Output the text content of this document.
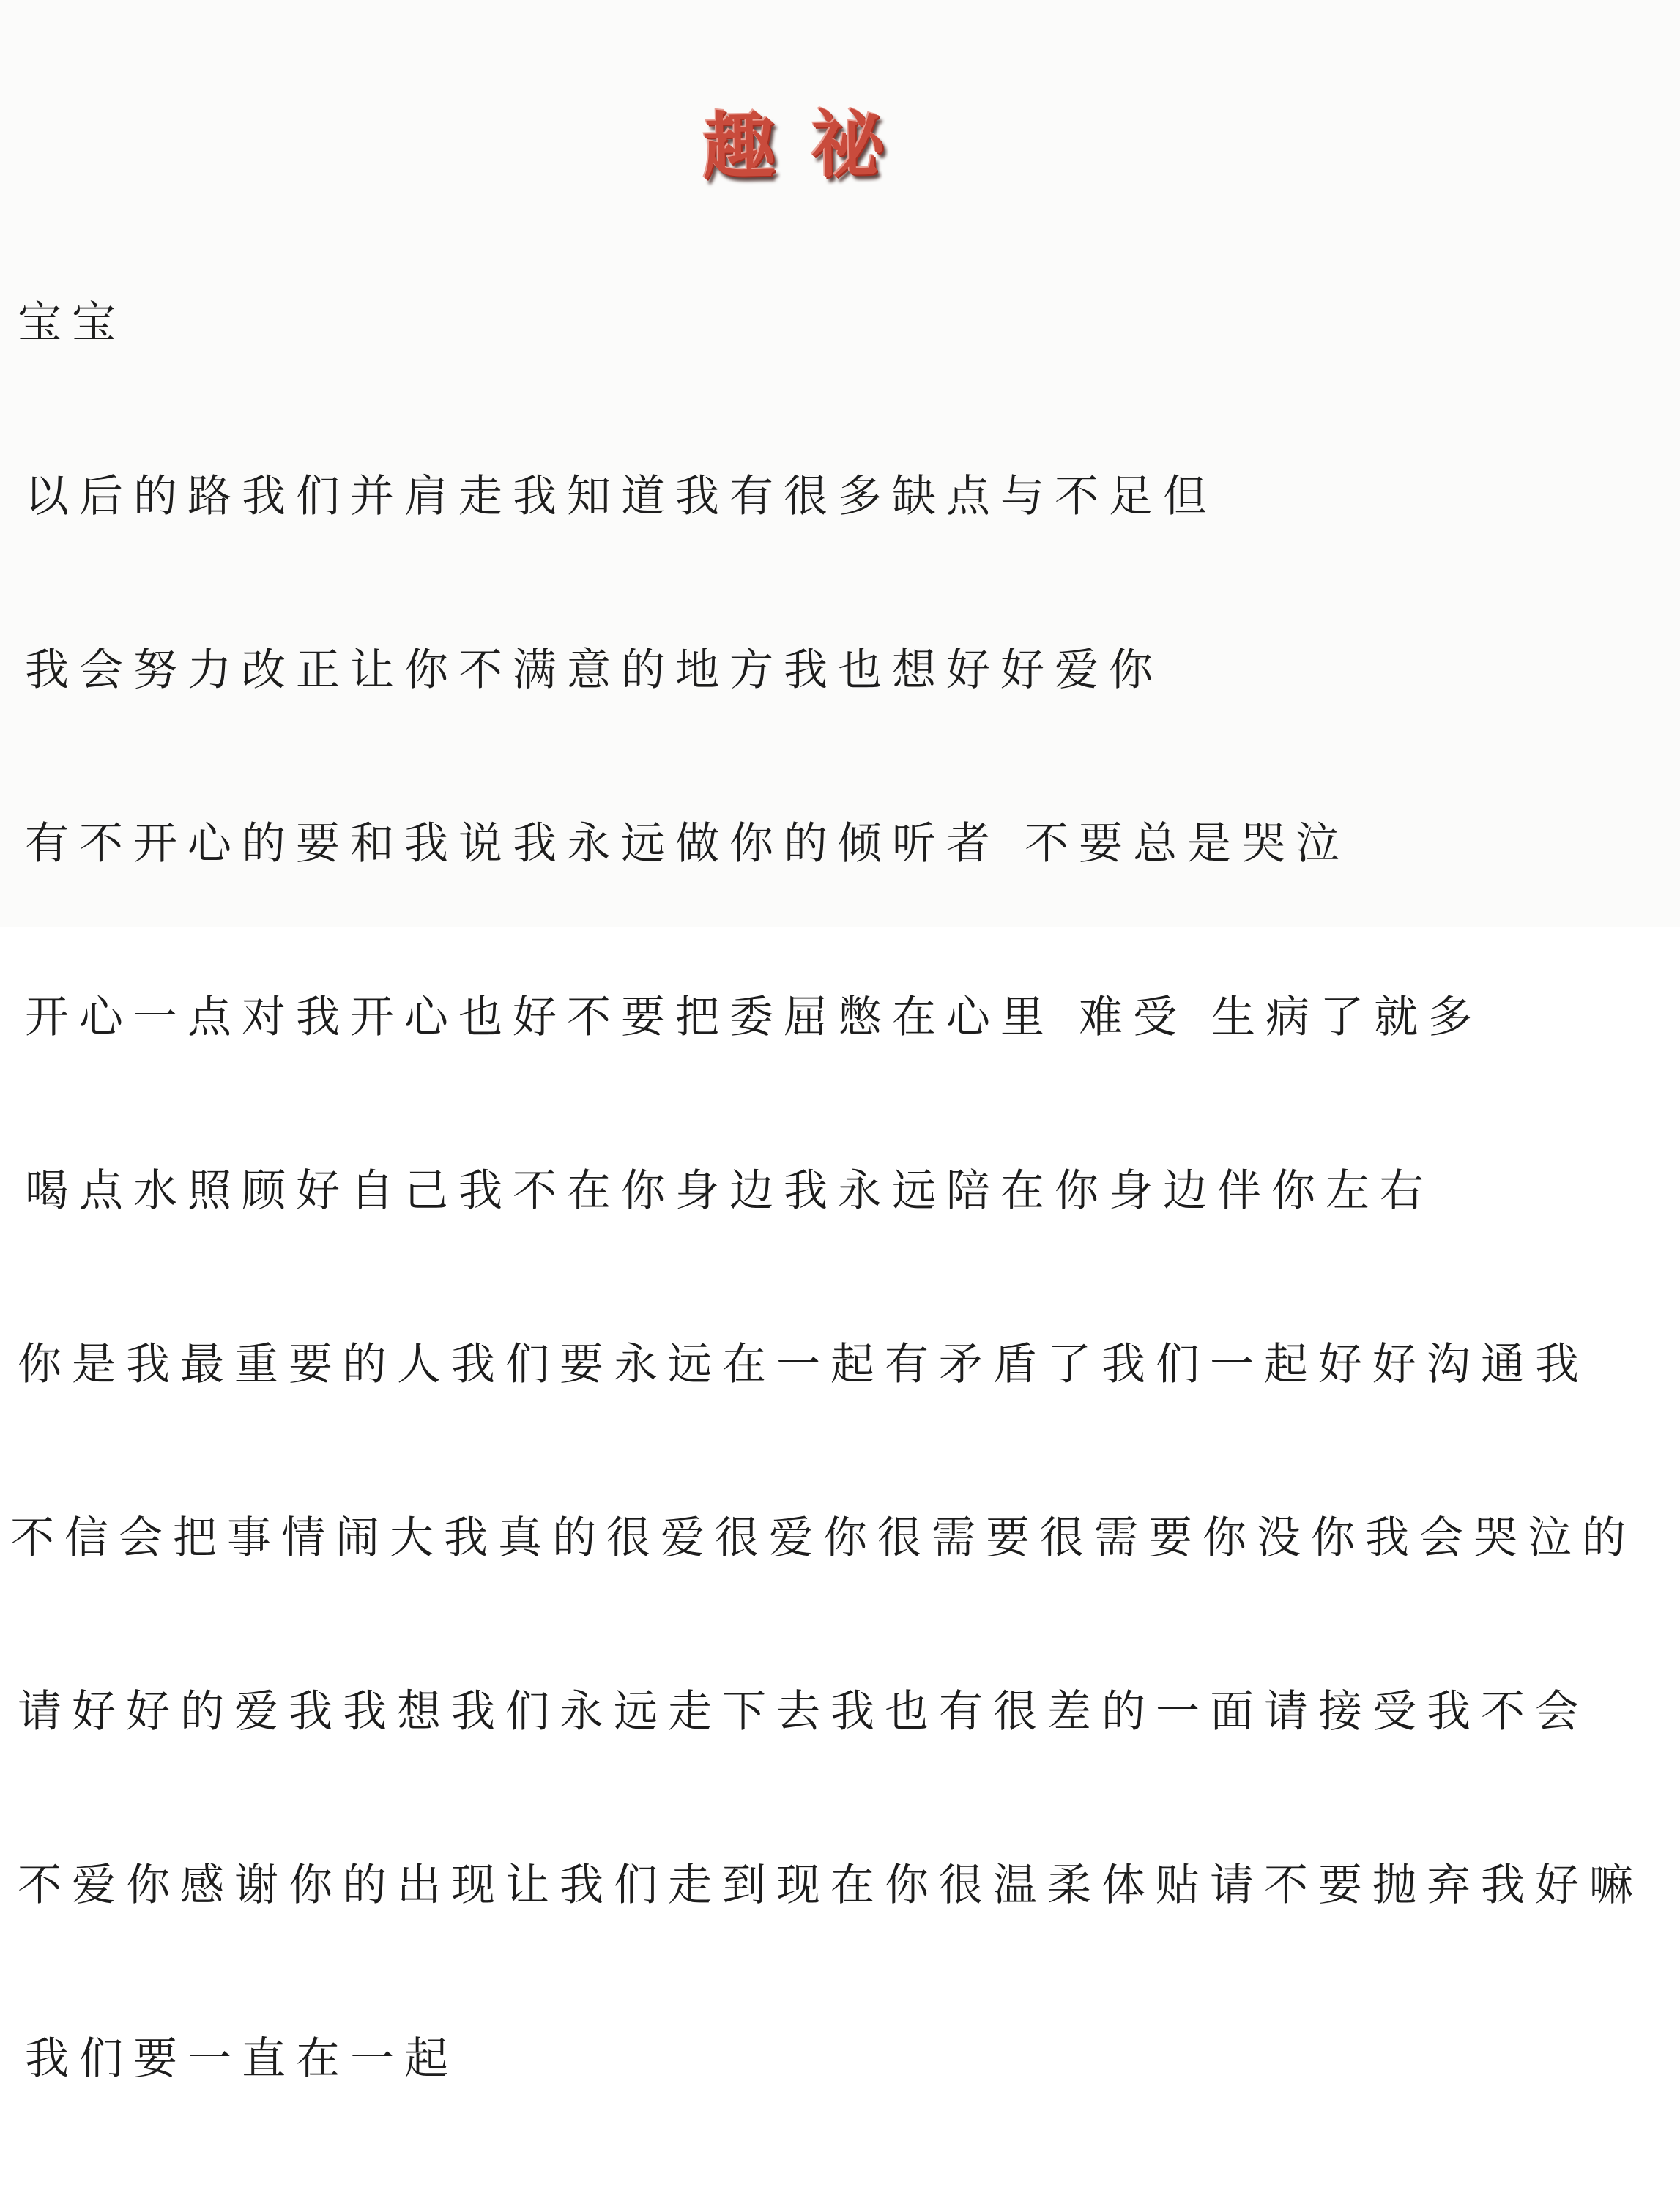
趣祕

宝宝

以后的路我们并肩走我知道我有很多缺点与不足但

我会努力改正让你不满意的地方我也想好好爱你

有不开心的要和我说我永远做你的倾听者 不要总是哭泣

开心一点对我开心也好不要把委屈憋在心里 难受 生病了就多

喝点水照顾好自己我不在你身边我永远陪在你身边伴你左右

你是我最重要的人我们要永远在一起有矛盾了我们一起好好沟通我

不信会把事情闹大我真的很爱很爱你很需要很需要你没你我会哭泣的

请好好的爱我我想我们永远走下去我也有很差的一面请接受我不会

不爱你感谢你的出现让我们走到现在你很温柔体贴请不要抛弃我好嘛

我们要一直在一起
